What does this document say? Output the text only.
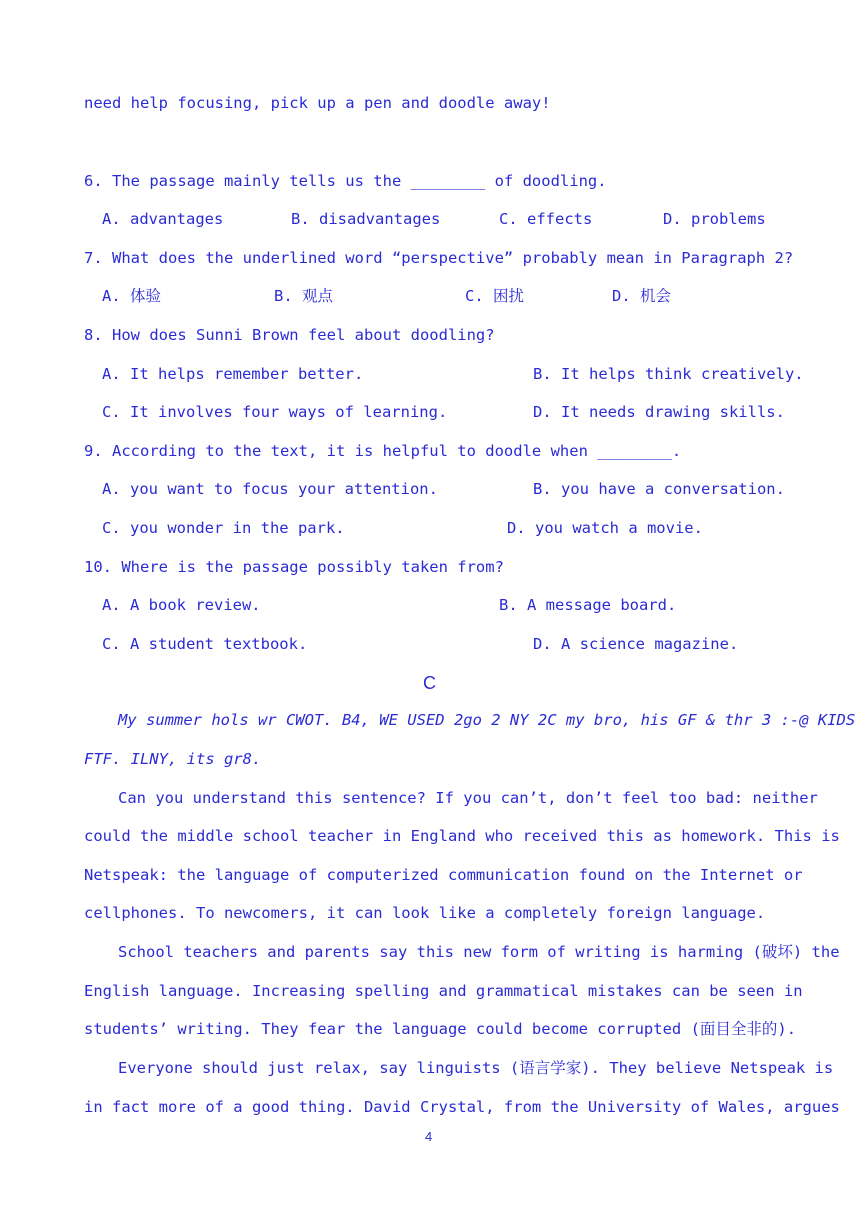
need help focusing, pick up a pen and doodle away!
6. The passage mainly tells us the ________ of doodling.
A. advantages	B. disadvantages	C. effects	D. problems
7. What does the underlined word “perspective” probably mean in Paragraph 2?
A. 体验	B. 观点	C. 困扰	D. 机会
8. How does Sunni Brown feel about doodling?
A. It helps remember better.	B. It helps think creatively.
C. It involves four ways of learning.	D. It needs drawing skills.
9. According to the text, it is helpful to doodle when ________.
A. you want to focus your attention.	B. you have a conversation.
C. you wonder in the park.	D. you watch a movie.
10. Where is the passage possibly taken from?
A. A book review.	B. A message board.
C. A student textbook.	D. A science magazine.
C
My summer hols wr CWOT. B4, WE USED 2go 2 NY 2C my bro, his GF & thr 3 :-@ KIDS
FTF. ILNY, its gr8.
Can you understand this sentence? If you can’t, don’t feel too bad: neither
could the middle school teacher in England who received this as homework. This is
Netspeak: the language of computerized communication found on the Internet or
cellphones. To newcomers, it can look like a completely foreign language.
School teachers and parents say this new form of writing is harming (破坏) the
English language. Increasing spelling and grammatical mistakes can be seen in
students’ writing. They fear the language could become corrupted (面目全非的).
Everyone should just relax, say linguists (语言学家). They believe Netspeak is
in fact more of a good thing. David Crystal, from the University of Wales, argues
4
